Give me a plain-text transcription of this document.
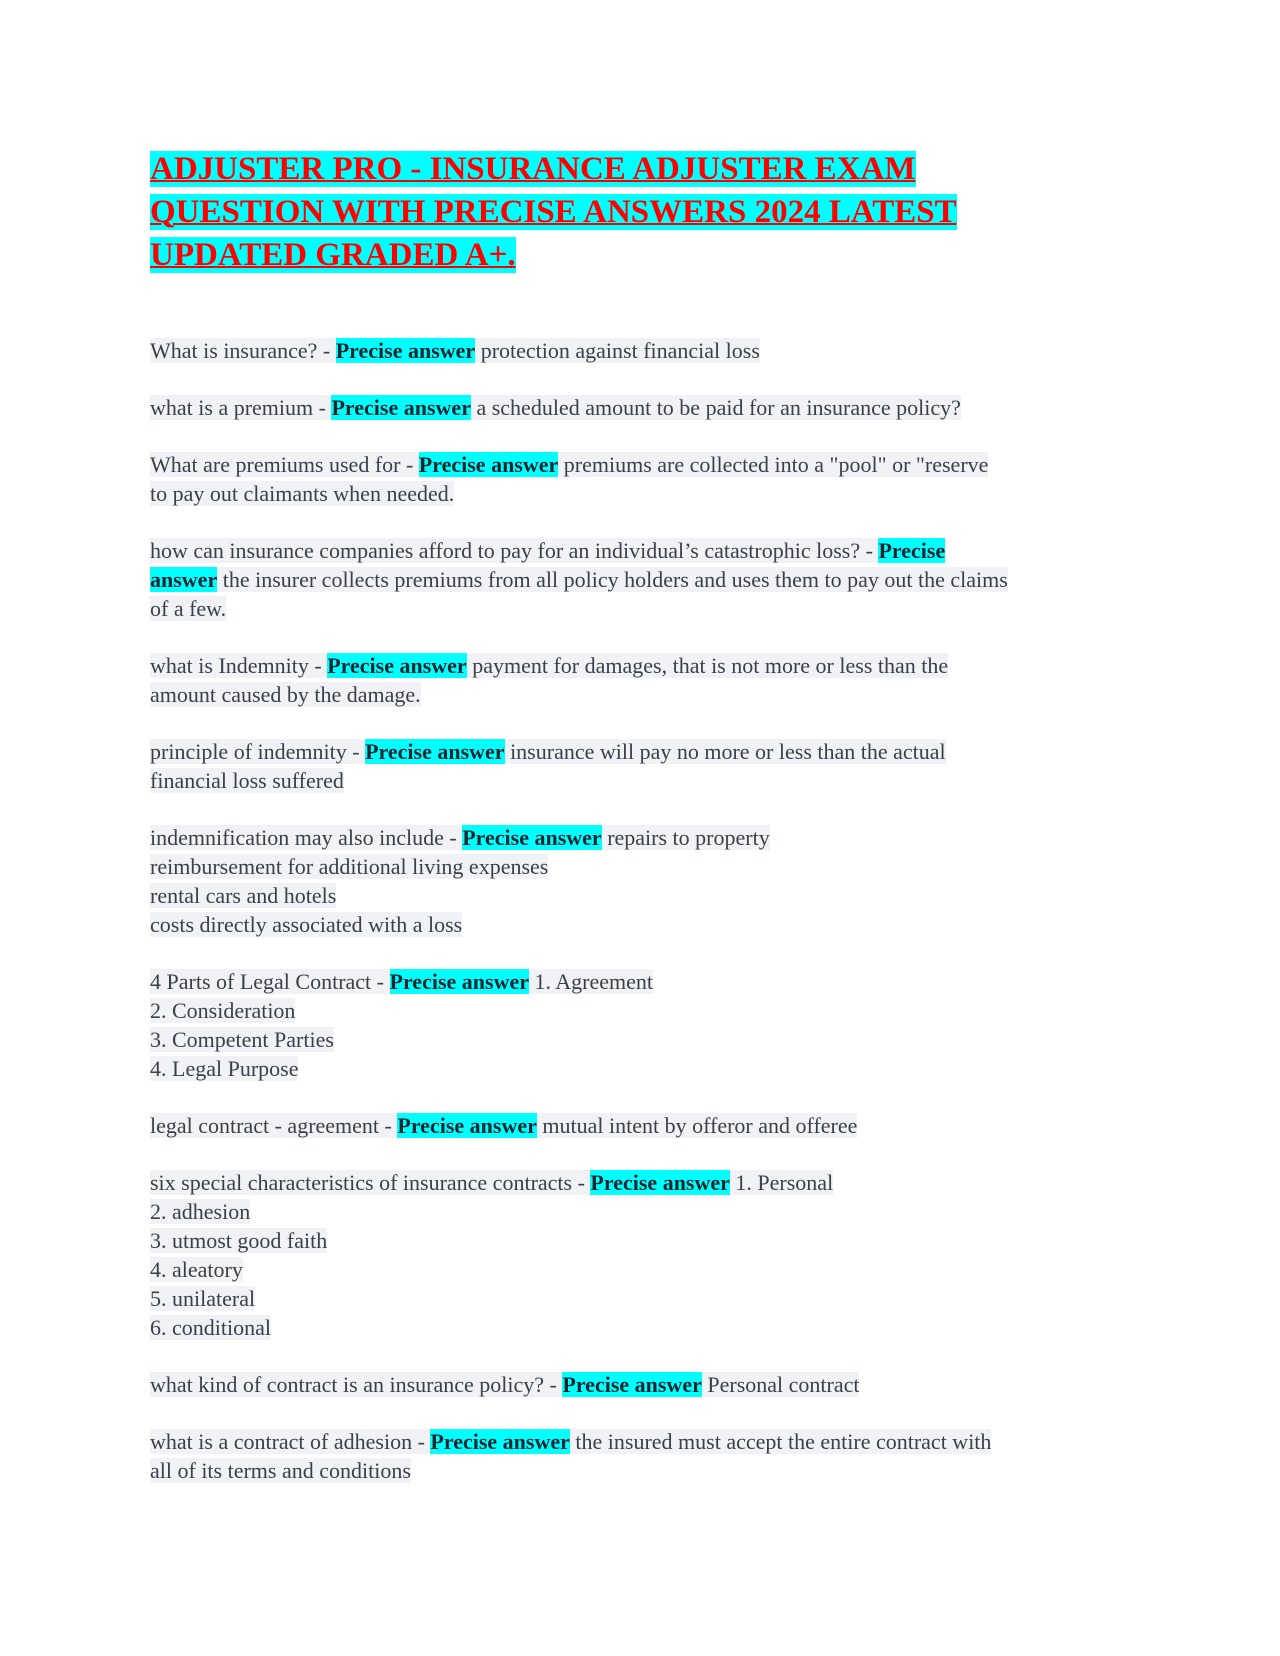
ADJUSTER PRO - INSURANCE ADJUSTER EXAM
QUESTION WITH PRECISE ANSWERS 2024 LATEST
UPDATED GRADED A+.
What is insurance? - Precise answer protection against financial loss
what is a premium - Precise answer a scheduled amount to be paid for an insurance policy?
What are premiums used for - Precise answer premiums are collected into a "pool" or "reserve
to pay out claimants when needed.
how can insurance companies afford to pay for an individual’s catastrophic loss? - Precise
answer the insurer collects premiums from all policy holders and uses them to pay out the claims
of a few.
what is Indemnity - Precise answer payment for damages, that is not more or less than the
amount caused by the damage.
principle of indemnity - Precise answer insurance will pay no more or less than the actual
financial loss suffered
indemnification may also include - Precise answer repairs to property
reimbursement for additional living expenses
rental cars and hotels
costs directly associated with a loss
4 Parts of Legal Contract - Precise answer 1. Agreement
2. Consideration
3. Competent Parties
4. Legal Purpose
legal contract - agreement - Precise answer mutual intent by offeror and offeree
six special characteristics of insurance contracts - Precise answer 1. Personal
2. adhesion
3. utmost good faith
4. aleatory
5. unilateral
6. conditional
what kind of contract is an insurance policy? - Precise answer Personal contract
what is a contract of adhesion - Precise answer the insured must accept the entire contract with
all of its terms and conditions
